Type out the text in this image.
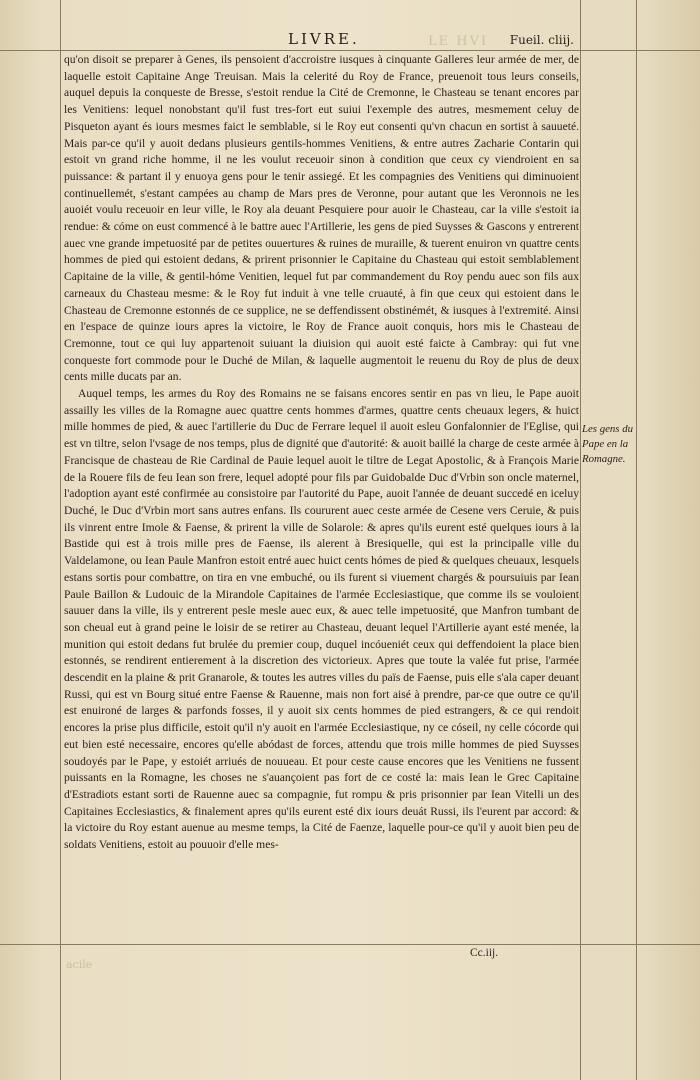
LIVRE.	Fueil. cliij.
LE HVI

qu'on disoit se preparer à Genes, ils pensoient d'accroistre iusques à cinquante Galleres leur armée de mer, de laquelle estoit Capitaine Ange Treuisan. Mais la celerité du Roy de France, preuenoit tous leurs conseils, auquel depuis la conqueste de Bresse, s'estoit rendue la Cité de Cremonne, le Chasteau se tenant encores par les Venitiens: lequel nonobstant qu'il fust tres-fort eut suiui l'exemple des autres, mesmement celuy de Pisqueton ayant és iours mesmes faict le semblable, si le Roy eut consenti qu'vn chacun en sortist à sauueté. Mais par-ce qu'il y auoit dedans plusieurs gentils-hommes Venitiens, & entre autres Zacharie Contarin qui estoit vn grand riche homme, il ne les voulut receuoir sinon à condition que ceux cy viendroient en sa puissance: & partant il y enuoya gens pour le tenir assiegé. Et les compagnies des Venitiens qui diminuoient continuellemét, s'estant campées au champ de Mars pres de Veronne, pour autant que les Veronnois ne les auoiét voulu receuoir en leur ville, le Roy ala deuant Pesquiere pour auoir le Chasteau, car la ville s'estoit ia rendue: & cóme on eust commencé à le battre auec l'Artillerie, les gens de pied Suysses & Gascons y entrerent auec vne grande impetuosité par de petites ouuertures & ruines de muraille, & tuerent enuiron vn quattre cents hommes de pied qui estoient dedans, & prirent prisonnier le Capitaine du Chasteau qui estoit semblablement Capitaine de la ville, & gentil-hóme Venitien, lequel fut par commandement du Roy pendu auec son fils aux carneaux du Chasteau mesme: & le Roy fut induit à vne telle cruauté, à fin que ceux qui estoient dans le Chasteau de Cremonne estonnés de ce supplice, ne se deffendissent obstinémét, & iusques à l'extremité. Ainsi en l'espace de quinze iours apres la victoire, le Roy de France auoit conquis, hors mis le Chasteau de Cremonne, tout ce qui luy appartenoit suiuant la diuision qui auoit esté faicte à Cambray: qui fut vne conqueste fort commode pour le Duché de Milan, & laquelle augmentoit le reuenu du Roy de plus de deux cents mille ducats par an.

Auquel temps, les armes du Roy des Romains ne se faisans encores sentir en pas vn lieu, le Pape auoit assailly les villes de la Romagne auec quattre cents hommes d'armes, quattre cents cheuaux legers, & huict mille hommes de pied, & auec l'artillerie du Duc de Ferrare lequel il auoit esleu Gonfalonnier de l'Eglise, qui est vn tiltre, selon l'vsage de nos temps, plus de dignité que d'autorité: & auoit baillé la charge de ceste armée à Francisque de chasteau de Rie Cardinal de Pauie lequel auoit le tiltre de Legat Apostolic, & à François Marie de la Rouere fils de feu Iean son frere, lequel adopté pour fils par Guidobalde Duc d'Vrbin son oncle maternel, l'adoption ayant esté confirmée au consistoire par l'autorité du Pape, auoit l'année de deuant succedé en iceluy Duché, le Duc d'Vrbin mort sans autres enfans. Ils coururent auec ceste armée de Cesene vers Ceruie, & puis ils vinrent entre Imole & Faense, & prirent la ville de Solarole: & apres qu'ils eurent esté quelques iours à la Bastide qui est à trois mille pres de Faense, ils alerent à Bresiquelle, qui est la principalle ville du Valdelamone, ou Iean Paule Manfron estoit entré auec huict cents hómes de pied & quelques cheuaux, lesquels estans sortis pour combattre, on tira en vne embuché, ou ils furent si viuement chargés & poursuiuis par Iean Paule Baillon & Ludouic de la Mirandole Capitaines de l'armée Ecclesiastique, que comme ils se vouloient sauuer dans la ville, ils y entrerent pesle mesle auec eux, & auec telle impetuosité, que Manfron tumbant de son cheual eut à grand peine le loisir de se retirer au Chasteau, deuant lequel l'Artillerie ayant esté menée, la munition qui estoit dedans fut brulée du premier coup, duquel incóueniét ceux qui deffendoient la place bien estonnés, se rendirent entierement à la discretion des victorieux. Apres que toute la valée fut prise, l'armée descendit en la plaine & prit Granarole, & toutes les autres villes du païs de Faense, puis elle s'ala caper deuant Russi, qui est vn Bourg situé entre Faense & Rauenne, mais non fort aisé à prendre, par-ce que outre ce qu'il est enuironé de larges & parfonds fosses, il y auoit six cents hommes de pied estrangers, & ce qui rendoit encores la prise plus difficile, estoit qu'il n'y auoit en l'armée Ecclesiastique, ny ce cóseil, ny celle cócorde qui eut bien esté necessaire, encores qu'elle abódast de forces, attendu que trois mille hommes de pied Suysses soudoyés par le Pape, y estoiét arriués de nouueau. Et pour ceste cause encores que les Venitiens ne fussent puissants en la Romagne, les choses ne s'auançoient pas fort de ce costé la: mais Iean le Grec Capitaine d'Estradiots estant sorti de Rauenne auec sa compagnie, fut rompu & pris prisonnier par Iean Vitelli un des Capitaines Ecclesiastics, & finalement apres qu'ils eurent esté dix iours deuát Russi, ils l'eurent par accord: & la victoire du Roy estant auenue au mesme temps, la Cité de Faenze, laquelle pour-ce qu'il y auoit bien peu de soldats Venitiens, estoit au pouuoir d'elle mes-

Les gens du Pape en la Romagne.
Cc.iij.
acile
